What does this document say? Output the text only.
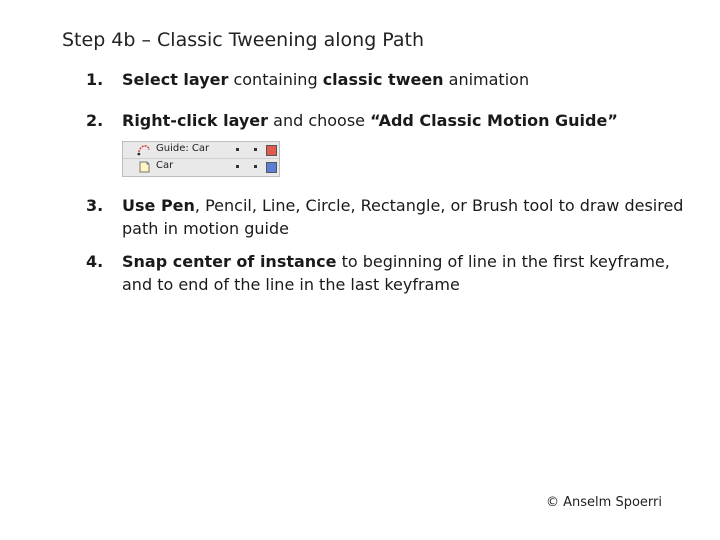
Step 4b – Classic Tweening along Path
1. Select layer containing classic tween animation
2. Right-click layer and choose “Add Classic Motion Guide”
Guide: Car
Car
3. Use Pen, Pencil, Line, Circle, Rectangle, or Brush tool to draw desired path in motion guide
4. Snap center of instance to beginning of line in the first keyframe, and to end of the line in the last keyframe
© Anselm Spoerri
